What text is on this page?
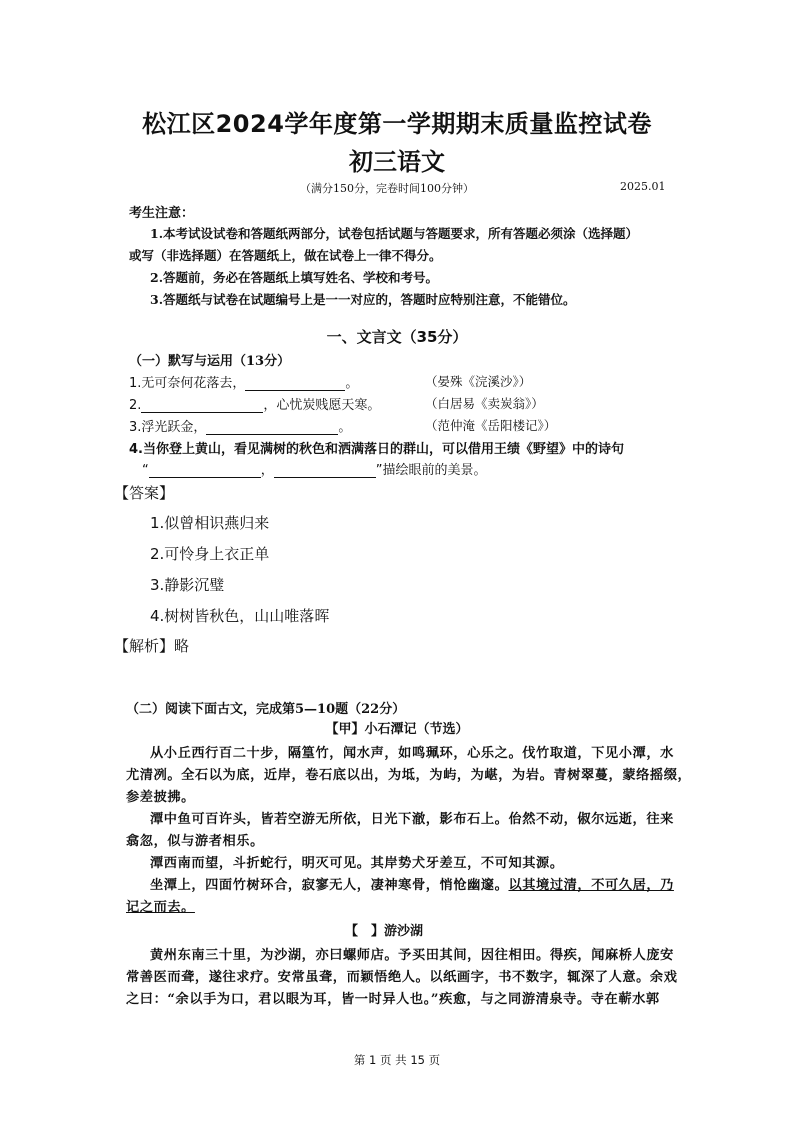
松江区2024学年度第一学期期末质量监控试卷
初三语文
（满分150分，完卷时间100分钟）	2025.01
考生注意：
1.本考试设试卷和答题纸两部分，试卷包括试题与答题要求，所有答题必须涂（选择题）
或写（非选择题）在答题纸上，做在试卷上一律不得分。
2.答题前，务必在答题纸上填写姓名、学校和考号。
3.答题纸与试卷在试题编号上是一一对应的，答题时应特别注意，不能错位。
一、文言文（35分）
（一）默写与运用（13分）
1.无可奈何花落去，	。	（晏殊《浣溪沙》）
2.	，心忧炭贱愿天寒。	（白居易《卖炭翁》）
3.浮光跃金，	。	（范仲淹《岳阳楼记》）
4.当你登上黄山，看见满树的秋色和洒满落日的群山，可以借用王绩《野望》中的诗句
“	，	”描绘眼前的美景。
【答案】
1.似曾相识燕归来
2.可怜身上衣正单
3.静影沉璧
4.树树皆秋色，山山唯落晖
【解析】略
（二）阅读下面古文，完成第5—10题（22分）
【甲】小石潭记（节选）
从小丘西行百二十步，隔篁竹，闻水声，如鸣珮环，心乐之。伐竹取道，下见小潭，水
尤清冽。全石以为底，近岸，卷石底以出，为坻，为屿，为嵁，为岩。青树翠蔓，蒙络摇缀，
参差披拂。
潭中鱼可百许头，皆若空游无所依，日光下澈，影布石上。佁然不动，俶尔远逝，往来
翕忽，似与游者相乐。
潭西南而望，斗折蛇行，明灭可见。其岸势犬牙差互，不可知其源。
坐潭上，四面竹树环合，寂寥无人，凄神寒骨，悄怆幽邃。以其境过清，不可久居，乃
记之而去。
【　】游沙湖
黄州东南三十里，为沙湖，亦曰螺师店。予买田其间，因往相田。得疾，闻麻桥人庞安
常善医而聋，遂往求疗。安常虽聋，而颖悟绝人。以纸画字，书不数字，辄深了人意。余戏
之曰：“余以手为口，君以眼为耳，皆一时异人也。”疾愈，与之同游清泉寺。寺在蕲水郭
第 1 页 共 15 页
